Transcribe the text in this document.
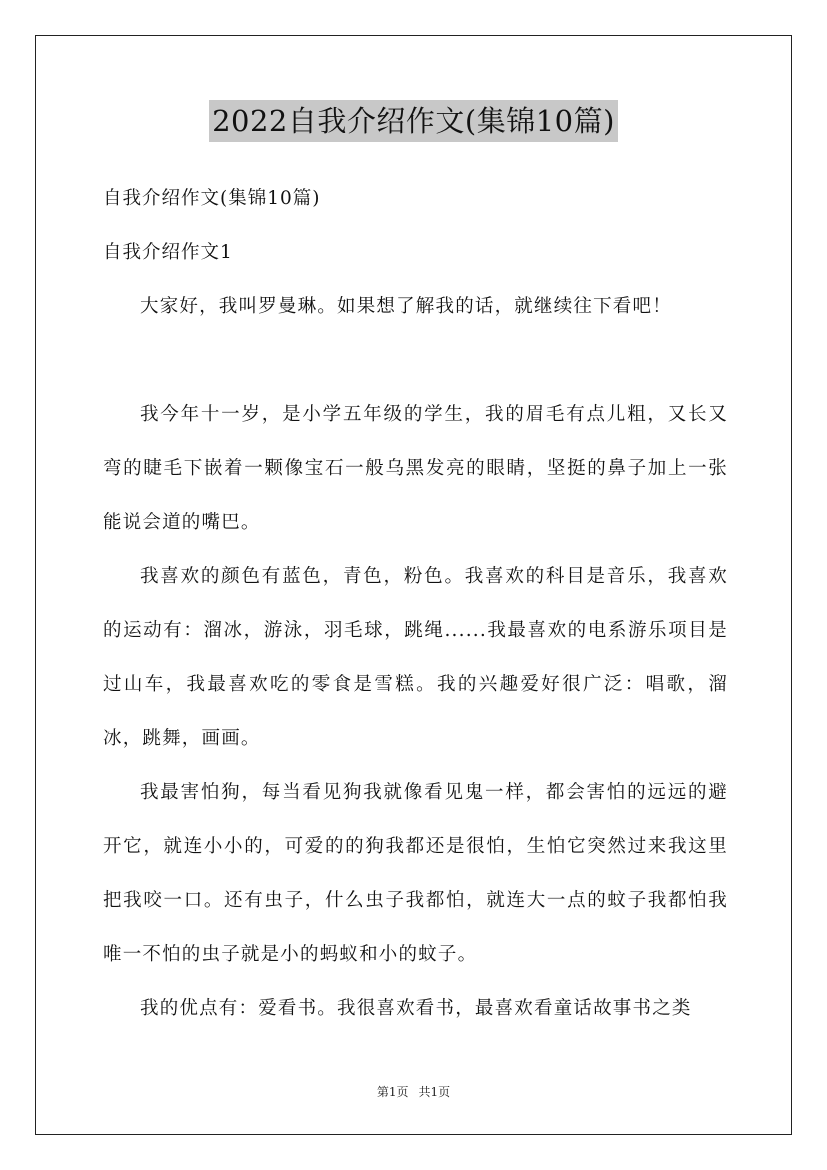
2022自我介绍作文(集锦10篇)

自我介绍作文(集锦10篇)

自我介绍作文1

大家好，我叫罗曼琳。如果想了解我的话，就继续往下看吧！

我今年十一岁，是小学五年级的学生，我的眉毛有点儿粗，又长又弯的睫毛下嵌着一颗像宝石一般乌黑发亮的眼睛，坚挺的鼻子加上一张能说会道的嘴巴。

我喜欢的颜色有蓝色，青色，粉色。我喜欢的科目是音乐，我喜欢的运动有：溜冰，游泳，羽毛球，跳绳......我最喜欢的电系游乐项目是过山车，我最喜欢吃的零食是雪糕。我的兴趣爱好很广泛：唱歌，溜冰，跳舞，画画。

我最害怕狗，每当看见狗我就像看见鬼一样，都会害怕的远远的避开它，就连小小的，可爱的的狗我都还是很怕，生怕它突然过来我这里把我咬一口。还有虫子，什么虫子我都怕，就连大一点的蚊子我都怕我唯一不怕的虫子就是小的蚂蚁和小的蚊子。

我的优点有：爱看书。我很喜欢看书，最喜欢看童话故事书之类

第1页 共1页
